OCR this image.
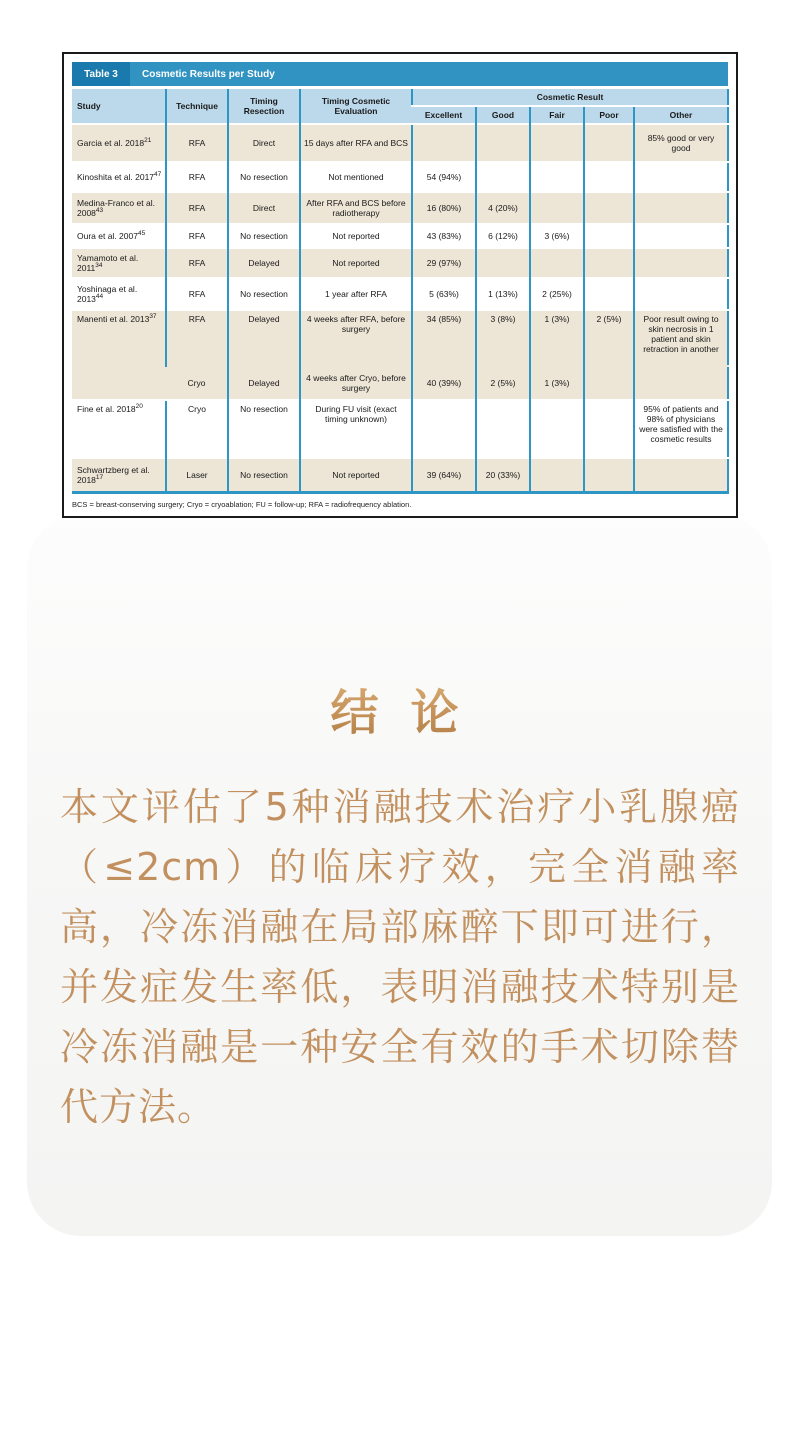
结 论
本文评估了5种消融技术治疗小乳腺癌（≤2cm）的临床疗效，完全消融率高，冷冻消融在局部麻醉下即可进行，并发症发生率低，表明消融技术特别是冷冻消融是一种安全有效的手术切除替代方法。
Table 3	Cosmetic Results per Study
Study	Technique	Timing Resection	Timing Cosmetic Evaluation	Cosmetic Result				
				Excellent	Good	Fair	Poor	Other
Garcia et al. 2018$^{21}$	RFA	Direct	15 days after RFA and BCS					85% good or very good
Kinoshita et al. 2017$^{47}$	RFA	No resection	Not mentioned	54 (94%)				
Medina-Franco et al. 2008$^{43}$	RFA	Direct	After RFA and BCS before radiotherapy	16 (80%)	4 (20%)			
Oura et al. 2007$^{45}$	RFA	No resection	Not reported	43 (83%)	6 (12%)	3 (6%)		
Yamamoto et al. 2011$^{34}$	RFA	Delayed	Not reported	29 (97%)				
Yoshinaga et al. 2013$^{44}$	RFA	No resection	1 year after RFA	5 (63%)	1 (13%)	2 (25%)		
Manenti et al. 2013$^{37}$	RFA	Delayed	4 weeks after RFA, before surgery	34 (85%)	3 (8%)	1 (3%)	2 (5%)	Poor result owing to skin necrosis in 1 patient and skin retraction in another
	Cryo	Delayed	4 weeks after Cryo, before surgery	40 (39%)	2 (5%)	1 (3%)		
Fine et al. 2018$^{20}$	Cryo	No resection	During FU visit (exact timing unknown)					95% of patients and 98% of physicians were satisfied with the cosmetic results
Schwartzberg et al. 2018$^{17}$	Laser	No resection	Not reported	39 (64%)	20 (33%)			
BCS = breast-conserving surgery; Cryo = cryoablation; FU = follow-up; RFA = radiofrequency ablation.
